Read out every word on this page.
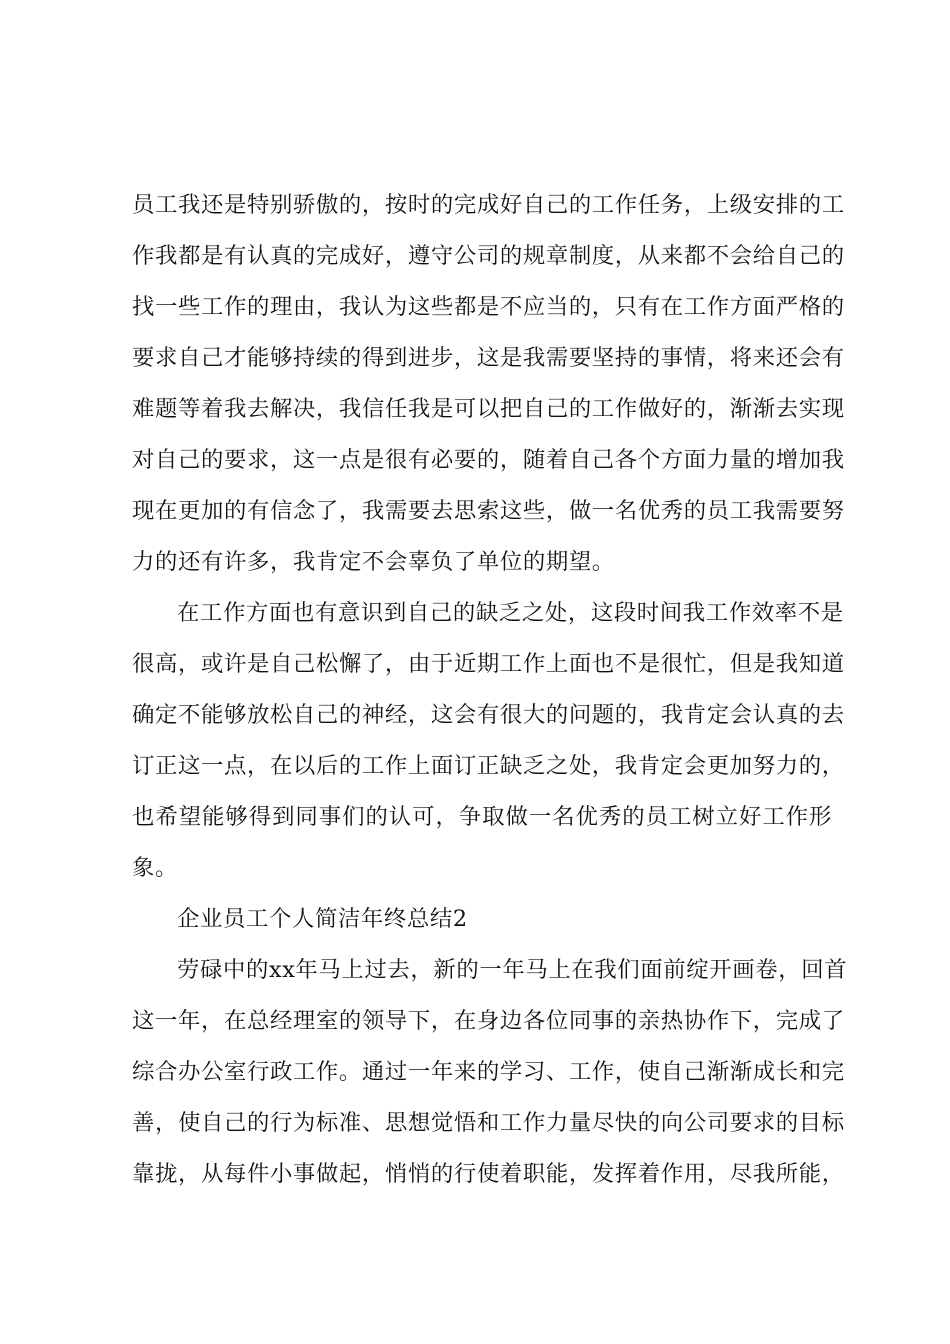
员工我还是特别骄傲的，按时的完成好自己的工作任务，上级安排的工
作我都是有认真的完成好，遵守公司的规章制度，从来都不会给自己的
找一些工作的理由，我认为这些都是不应当的，只有在工作方面严格的
要求自己才能够持续的得到进步，这是我需要坚持的事情，将来还会有
难题等着我去解决，我信任我是可以把自己的工作做好的，渐渐去实现
对自己的要求，这一点是很有必要的，随着自己各个方面力量的增加我
现在更加的有信念了，我需要去思索这些，做一名优秀的员工我需要努
力的还有许多，我肯定不会辜负了单位的期望。
在工作方面也有意识到自己的缺乏之处，这段时间我工作效率不是
很高，或许是自己松懈了，由于近期工作上面也不是很忙，但是我知道
确定不能够放松自己的神经，这会有很大的问题的，我肯定会认真的去
订正这一点，在以后的工作上面订正缺乏之处，我肯定会更加努力的，
也希望能够得到同事们的认可，争取做一名优秀的员工树立好工作形
象。
企业员工个人简洁年终总结2
劳碌中的xx年马上过去，新的一年马上在我们面前绽开画卷，回首
这一年，在总经理室的领导下，在身边各位同事的亲热协作下，完成了
综合办公室行政工作。通过一年来的学习、工作，使自己渐渐成长和完
善，使自己的行为标准、思想觉悟和工作力量尽快的向公司要求的目标
靠拢，从每件小事做起，悄悄的行使着职能，发挥着作用，尽我所能，
